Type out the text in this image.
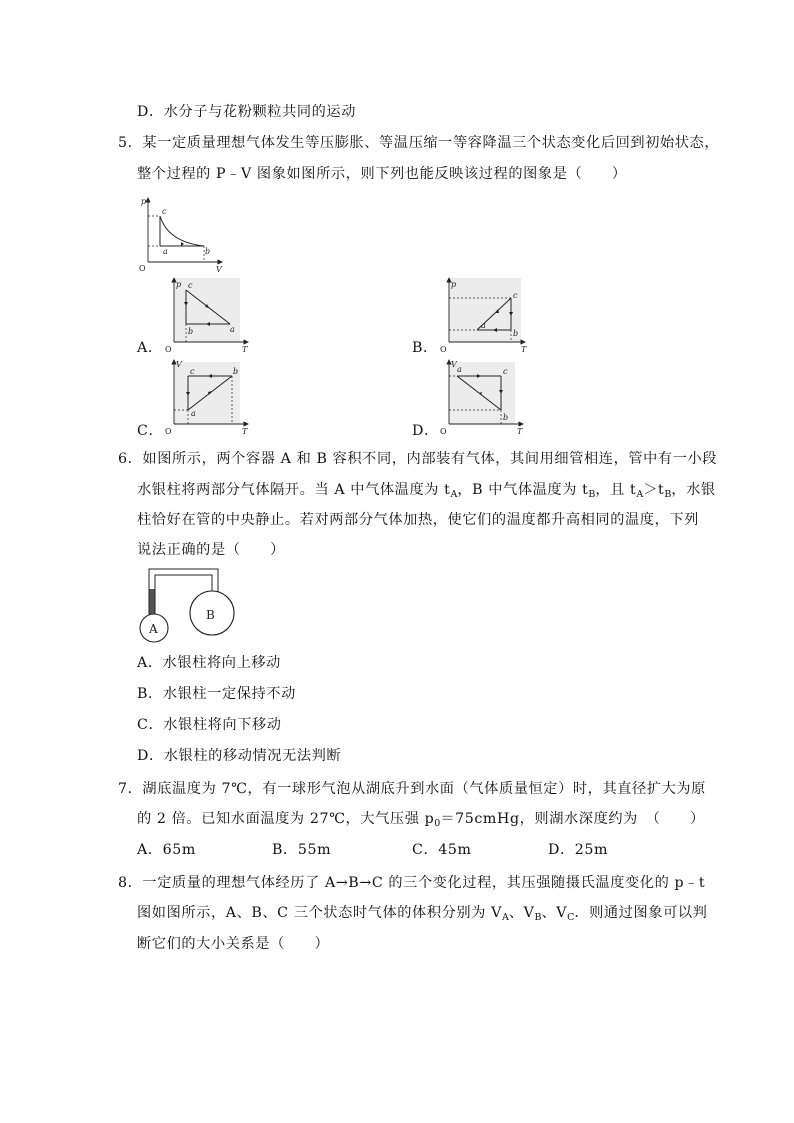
D．水分子与花粉颗粒共同的运动
5．某一定质量理想气体发生等压膨胀、等温压缩一等容降温三个状态变化后回到初始状态，
整个过程的 P﹣V 图象如图所示，则下列也能反映该过程的图象是（　　）
p
V
O
c
a	b
A．
p
T
O
c
b	a
B．
p
T
O
c
a
b
C．
V
T
O
c	b
a
D．
V
T
O
a	c
b
6．如图所示，两个容器 A 和 B 容积不同，内部装有气体，其间用细管相连，管中有一小段
水银柱将两部分气体隔开。当 A 中气体温度为 $t_A$，B 中气体温度为 $t_B$，且 $t_A>t_B$，水银
柱恰好在管的中央静止。若对两部分气体加热，使它们的温度都升高相同的温度，下列
说法正确的是（　　）
A
B
A．水银柱将向上移动
B．水银柱一定保持不动
C．水银柱将向下移动
D．水银柱的移动情况无法判断
7．湖底温度为 7℃，有一球形气泡从湖底升到水面（气体质量恒定）时，其直径扩大为原
的 2 倍。已知水面温度为 27℃，大气压强 $p_0=75cmHg$，则湖水深度约为　（　　）
A．65m	B．55m	C．45m	D．25m
8．一定质量的理想气体经历了 A→B→C 的三个变化过程，其压强随摄氏温度变化的 p﹣t
图如图所示，A、B、C 三个状态时气体的体积分别为 $V_A$、$V_B$、$V_C$．则通过图象可以判
断它们的大小关系是（　　）
